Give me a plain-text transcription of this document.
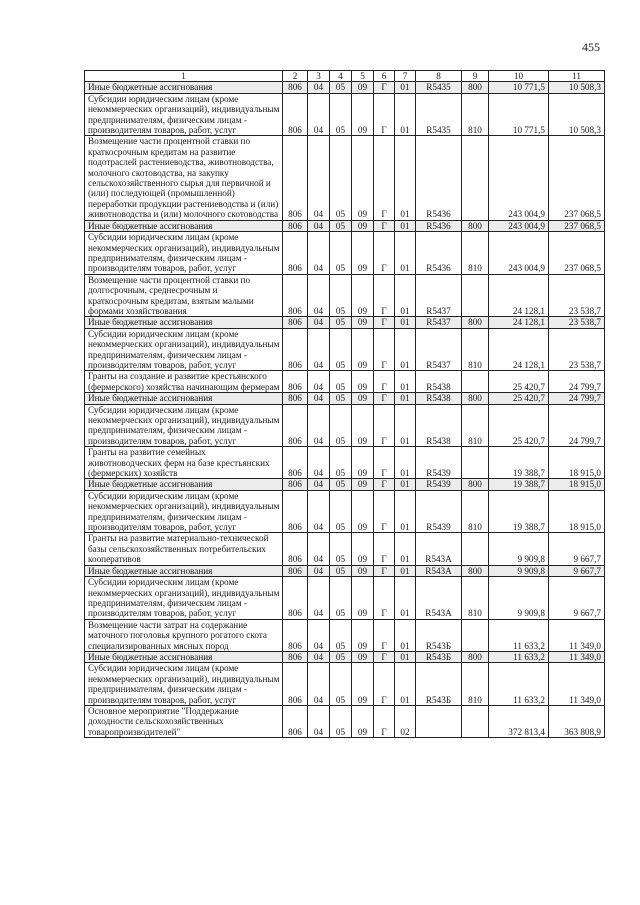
455
1	2	3	4	5	6	7	8	9	10	11
Иные бюджетные ассигнования	806	04	05	09	Г	01	R5435	800	10 771,5	10 508,3
Субсидии юридическим лицам (кроме некоммерческих организаций), индивидуальным предпринимателям, физическим лицам - производителям товаров, работ, услуг	806	04	05	09	Г	01	R5435	810	10 771,5	10 508,3
Возмещение части процентной ставки по краткосрочным кредитам на развитие подотраслей растениеводства, животноводства, молочного скотоводства, на закупку сельскохозяйственного сырья для первичной и (или) последующей (промышленной) переработки продукции растениеводства и (или) животноводства и (или) молочного скотоводства	806	04	05	09	Г	01	R5436		243 004,9	237 068,5
Иные бюджетные ассигнования	806	04	05	09	Г	01	R5436	800	243 004,9	237 068,5
Субсидии юридическим лицам (кроме некоммерческих организаций), индивидуальным предпринимателям, физическим лицам - производителям товаров, работ, услуг	806	04	05	09	Г	01	R5436	810	243 004,9	237 068,5
Возмещение части процентной ставки по долгосрочным, среднесрочным и краткосрочным кредитам, взятым малыми формами хозяйствования	806	04	05	09	Г	01	R5437		24 128,1	23 538,7
Иные бюджетные ассигнования	806	04	05	09	Г	01	R5437	800	24 128,1	23 538,7
Субсидии юридическим лицам (кроме некоммерческих организаций), индивидуальным предпринимателям, физическим лицам - производителям товаров, работ, услуг	806	04	05	09	Г	01	R5437	810	24 128,1	23 538,7
Гранты на создание и развитие крестьянского (фермерского) хозяйства начинающим фермерам	806	04	05	09	Г	01	R5438		25 420,7	24 799,7
Иные бюджетные ассигнования	806	04	05	09	Г	01	R5438	800	25 420,7	24 799,7
Субсидии юридическим лицам (кроме некоммерческих организаций), индивидуальным предпринимателям, физическим лицам - производителям товаров, работ, услуг	806	04	05	09	Г	01	R5438	810	25 420,7	24 799,7
Гранты на развитие семейных животноводческих ферм на базе крестьянских (фермерских) хозяйств	806	04	05	09	Г	01	R5439		19 388,7	18 915,0
Иные бюджетные ассигнования	806	04	05	09	Г	01	R5439	800	19 388,7	18 915,0
Субсидии юридическим лицам (кроме некоммерческих организаций), индивидуальным предпринимателям, физическим лицам - производителям товаров, работ, услуг	806	04	05	09	Г	01	R5439	810	19 388,7	18 915,0
Гранты на развитие материально-технической базы сельскохозяйственных потребительских кооперативов	806	04	05	09	Г	01	R543А		9 909,8	9 667,7
Иные бюджетные ассигнования	806	04	05	09	Г	01	R543А	800	9 909,8	9 667,7
Субсидии юридическим лицам (кроме некоммерческих организаций), индивидуальным предпринимателям, физическим лицам - производителям товаров, работ, услуг	806	04	05	09	Г	01	R543А	810	9 909,8	9 667,7
Возмещение части затрат на содержание маточного поголовья крупного рогатого скота специализированных мясных пород	806	04	05	09	Г	01	R543Б		11 633,2	11 349,0
Иные бюджетные ассигнования	806	04	05	09	Г	01	R543Б	800	11 633,2	11 349,0
Субсидии юридическим лицам (кроме некоммерческих организаций), индивидуальным предпринимателям, физическим лицам - производителям товаров, работ, услуг	806	04	05	09	Г	01	R543Б	810	11 633,2	11 349,0
Основное мероприятие "Поддержание доходности сельскохозяйственных товаропроизводителей"	806	04	05	09	Г	02			372 813,4	363 808,9
